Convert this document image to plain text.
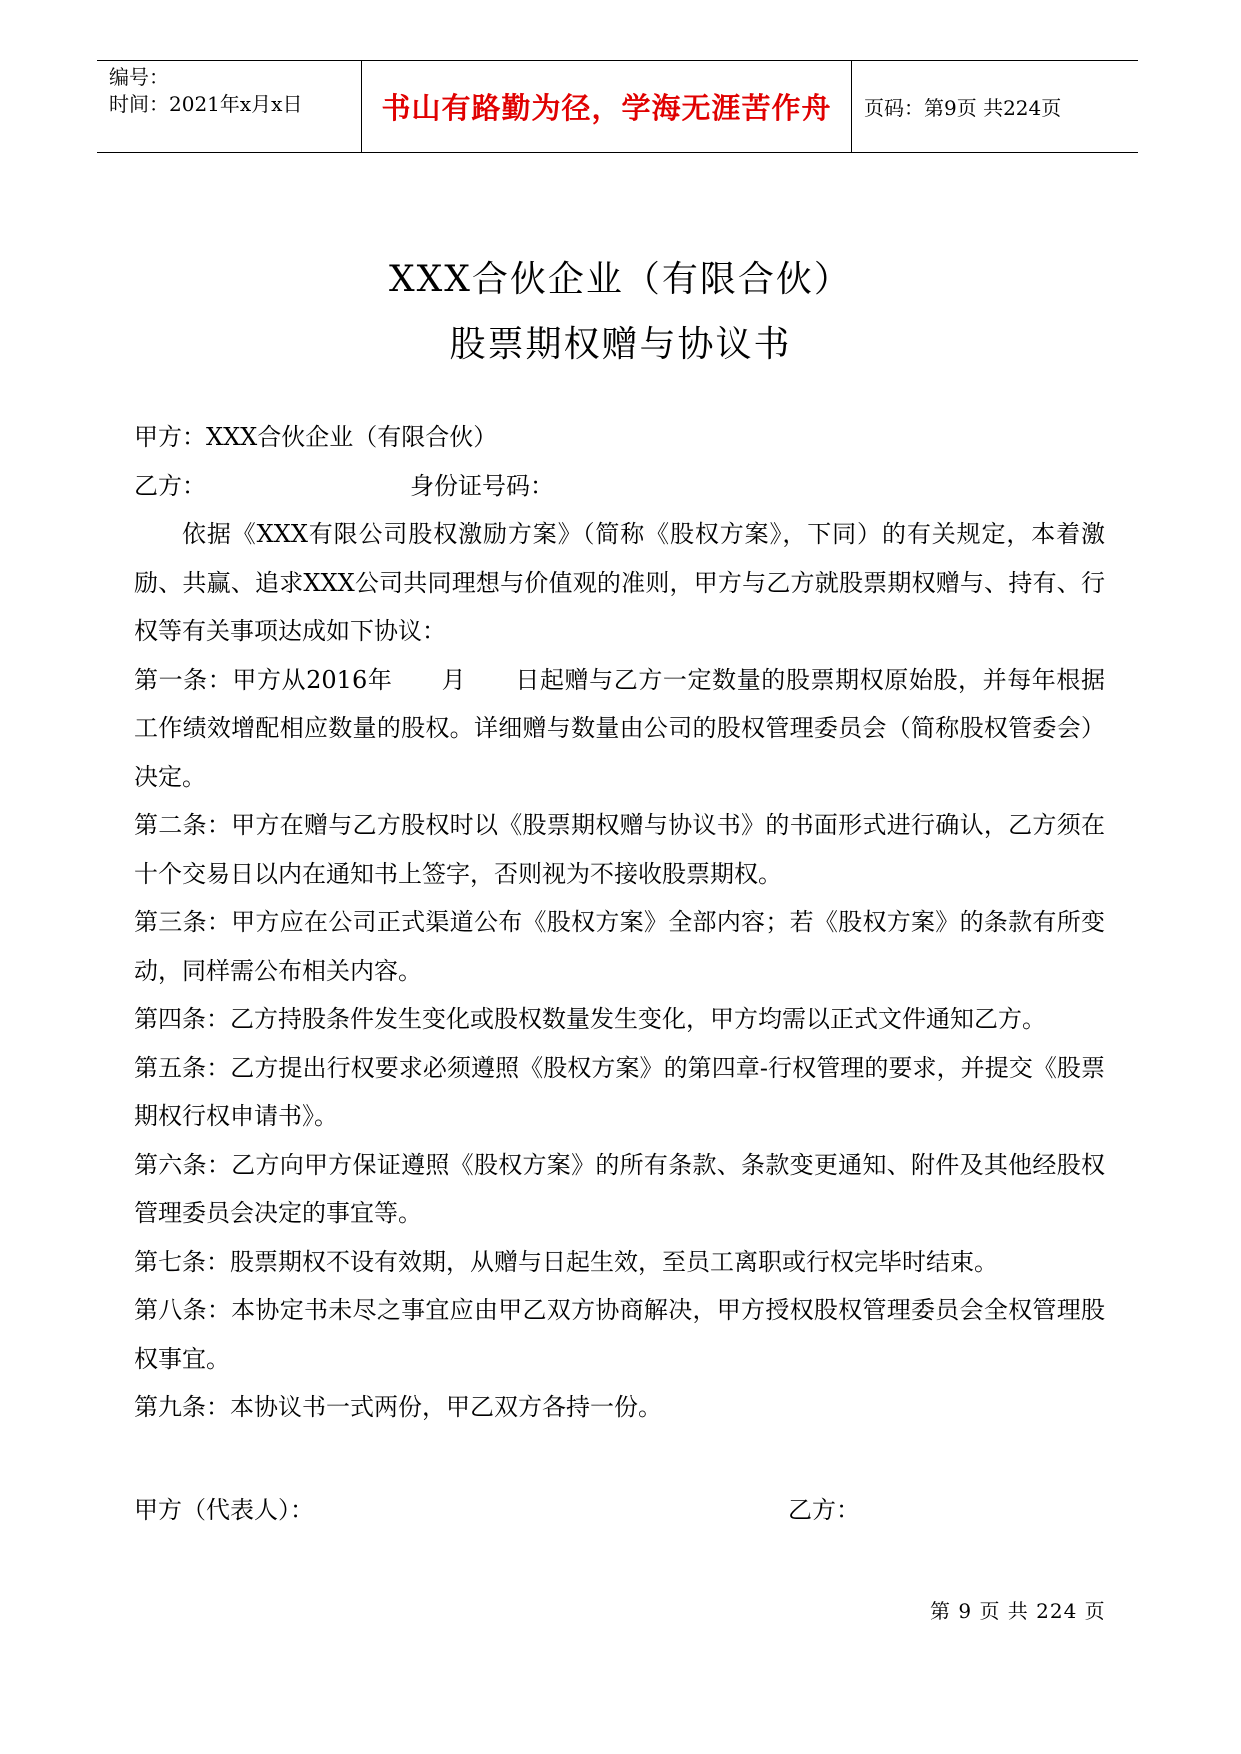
编号：
时间：2021年x月x日	书山有路勤为径，学海无涯苦作舟 页码：第9页 共224页
XXX合伙企业（有限合伙）
股票期权赠与协议书
甲方：XXX合伙企业（有限合伙）
乙方：	身份证号码：
依据《XXX有限公司股权激励方案》（简称《股权方案》，下同）的有关规定，本着激励、共赢、追求XXX公司共同理想与价值观的准则，甲方与乙方就股票期权赠与、持有、行权等有关事项达成如下协议：
第一条：甲方从2016年　　月　　日起赠与乙方一定数量的股票期权原始股，并每年根据工作绩效增配相应数量的股权。详细赠与数量由公司的股权管理委员会（简称股权管委会）决定。
第二条：甲方在赠与乙方股权时以《股票期权赠与协议书》的书面形式进行确认，乙方须在十个交易日以内在通知书上签字，否则视为不接收股票期权。
第三条：甲方应在公司正式渠道公布《股权方案》全部内容；若《股权方案》的条款有所变动，同样需公布相关内容。
第四条：乙方持股条件发生变化或股权数量发生变化，甲方均需以正式文件通知乙方。
第五条：乙方提出行权要求必须遵照《股权方案》的第四章-行权管理的要求，并提交《股票期权行权申请书》。
第六条：乙方向甲方保证遵照《股权方案》的所有条款、条款变更通知、附件及其他经股权管理委员会决定的事宜等。
第七条：股票期权不设有效期，从赠与日起生效，至员工离职或行权完毕时结束。
第八条：本协定书未尽之事宜应由甲乙双方协商解决，甲方授权股权管理委员会全权管理股权事宜。
第九条：本协议书一式两份，甲乙双方各持一份。
甲方（代表人）：	乙方：
第 9 页 共 224 页
